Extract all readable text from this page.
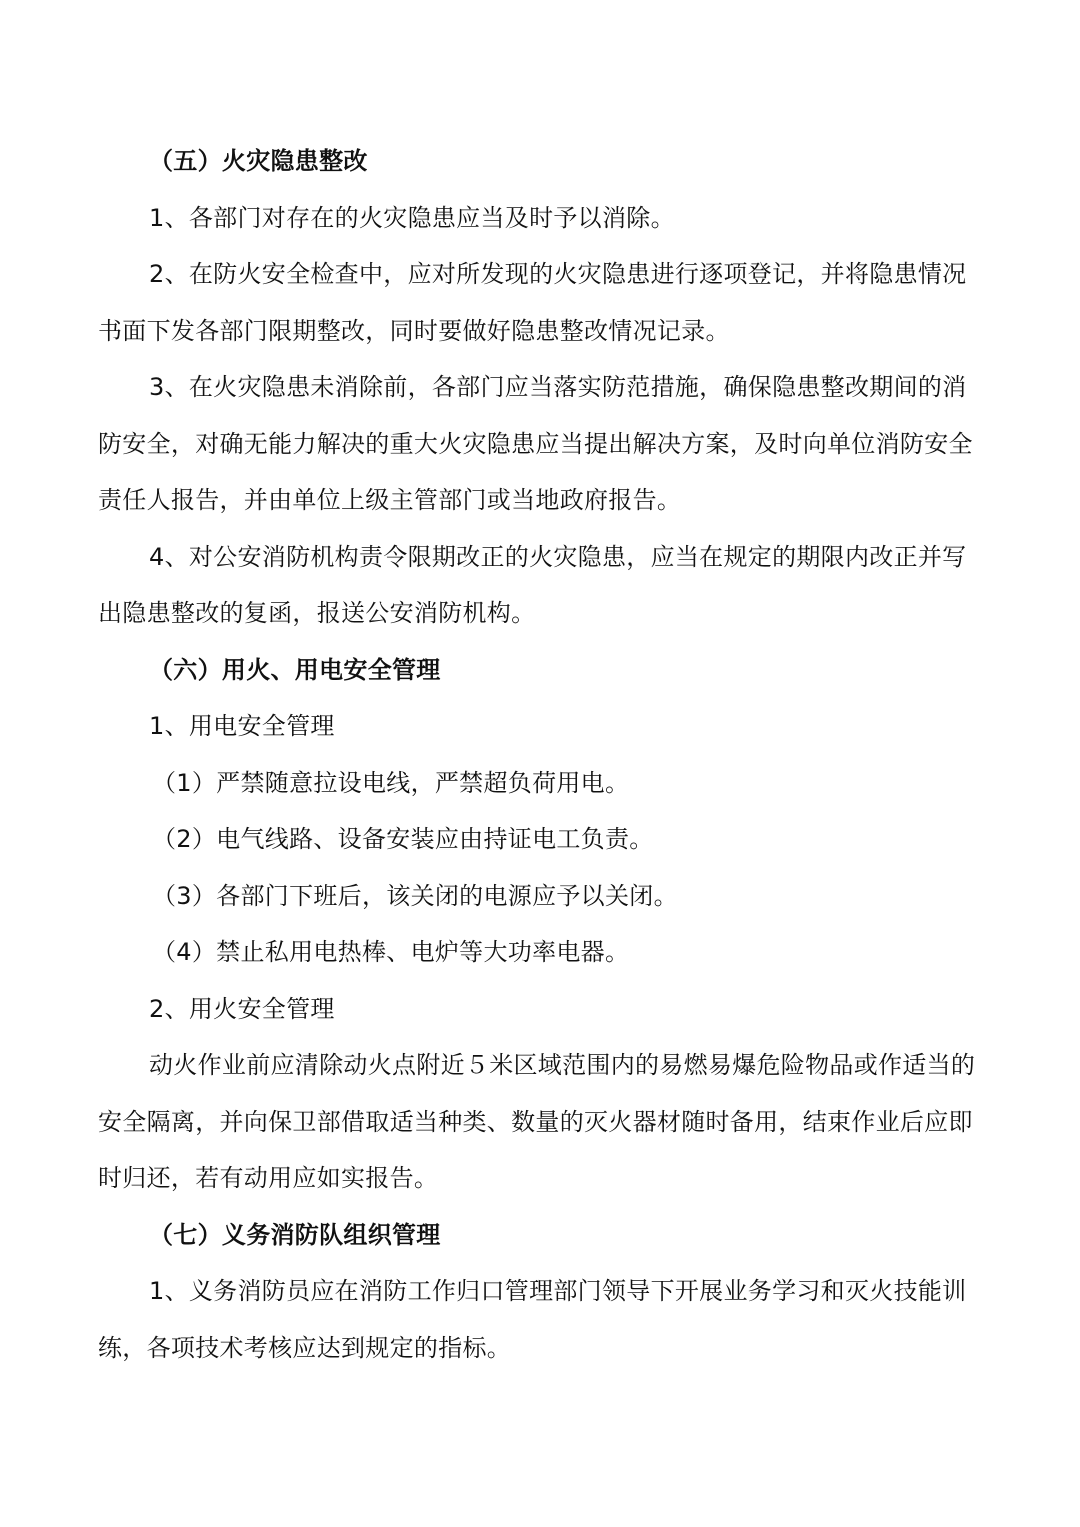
（五）火灾隐患整改

1、各部门对存在的火灾隐患应当及时予以消除。

2、在防火安全检查中，应对所发现的火灾隐患进行逐项登记，并将隐患情况书面下发各部门限期整改，同时要做好隐患整改情况记录。

3、在火灾隐患未消除前，各部门应当落实防范措施，确保隐患整改期间的消防安全，对确无能力解决的重大火灾隐患应当提出解决方案，及时向单位消防安全责任人报告，并由单位上级主管部门或当地政府报告。

4、对公安消防机构责令限期改正的火灾隐患，应当在规定的期限内改正并写出隐患整改的复函，报送公安消防机构。

（六）用火、用电安全管理

1、用电安全管理

（1）严禁随意拉设电线，严禁超负荷用电。

（2）电气线路、设备安装应由持证电工负责。

（3）各部门下班后，该关闭的电源应予以关闭。

（4）禁止私用电热棒、电炉等大功率电器。

2、用火安全管理

动火作业前应清除动火点附近５米区域范围内的易燃易爆危险物品或作适当的安全隔离，并向保卫部借取适当种类、数量的灭火器材随时备用，结束作业后应即时归还，若有动用应如实报告。

（七）义务消防队组织管理

1、义务消防员应在消防工作归口管理部门领导下开展业务学习和灭火技能训练，各项技术考核应达到规定的指标。
